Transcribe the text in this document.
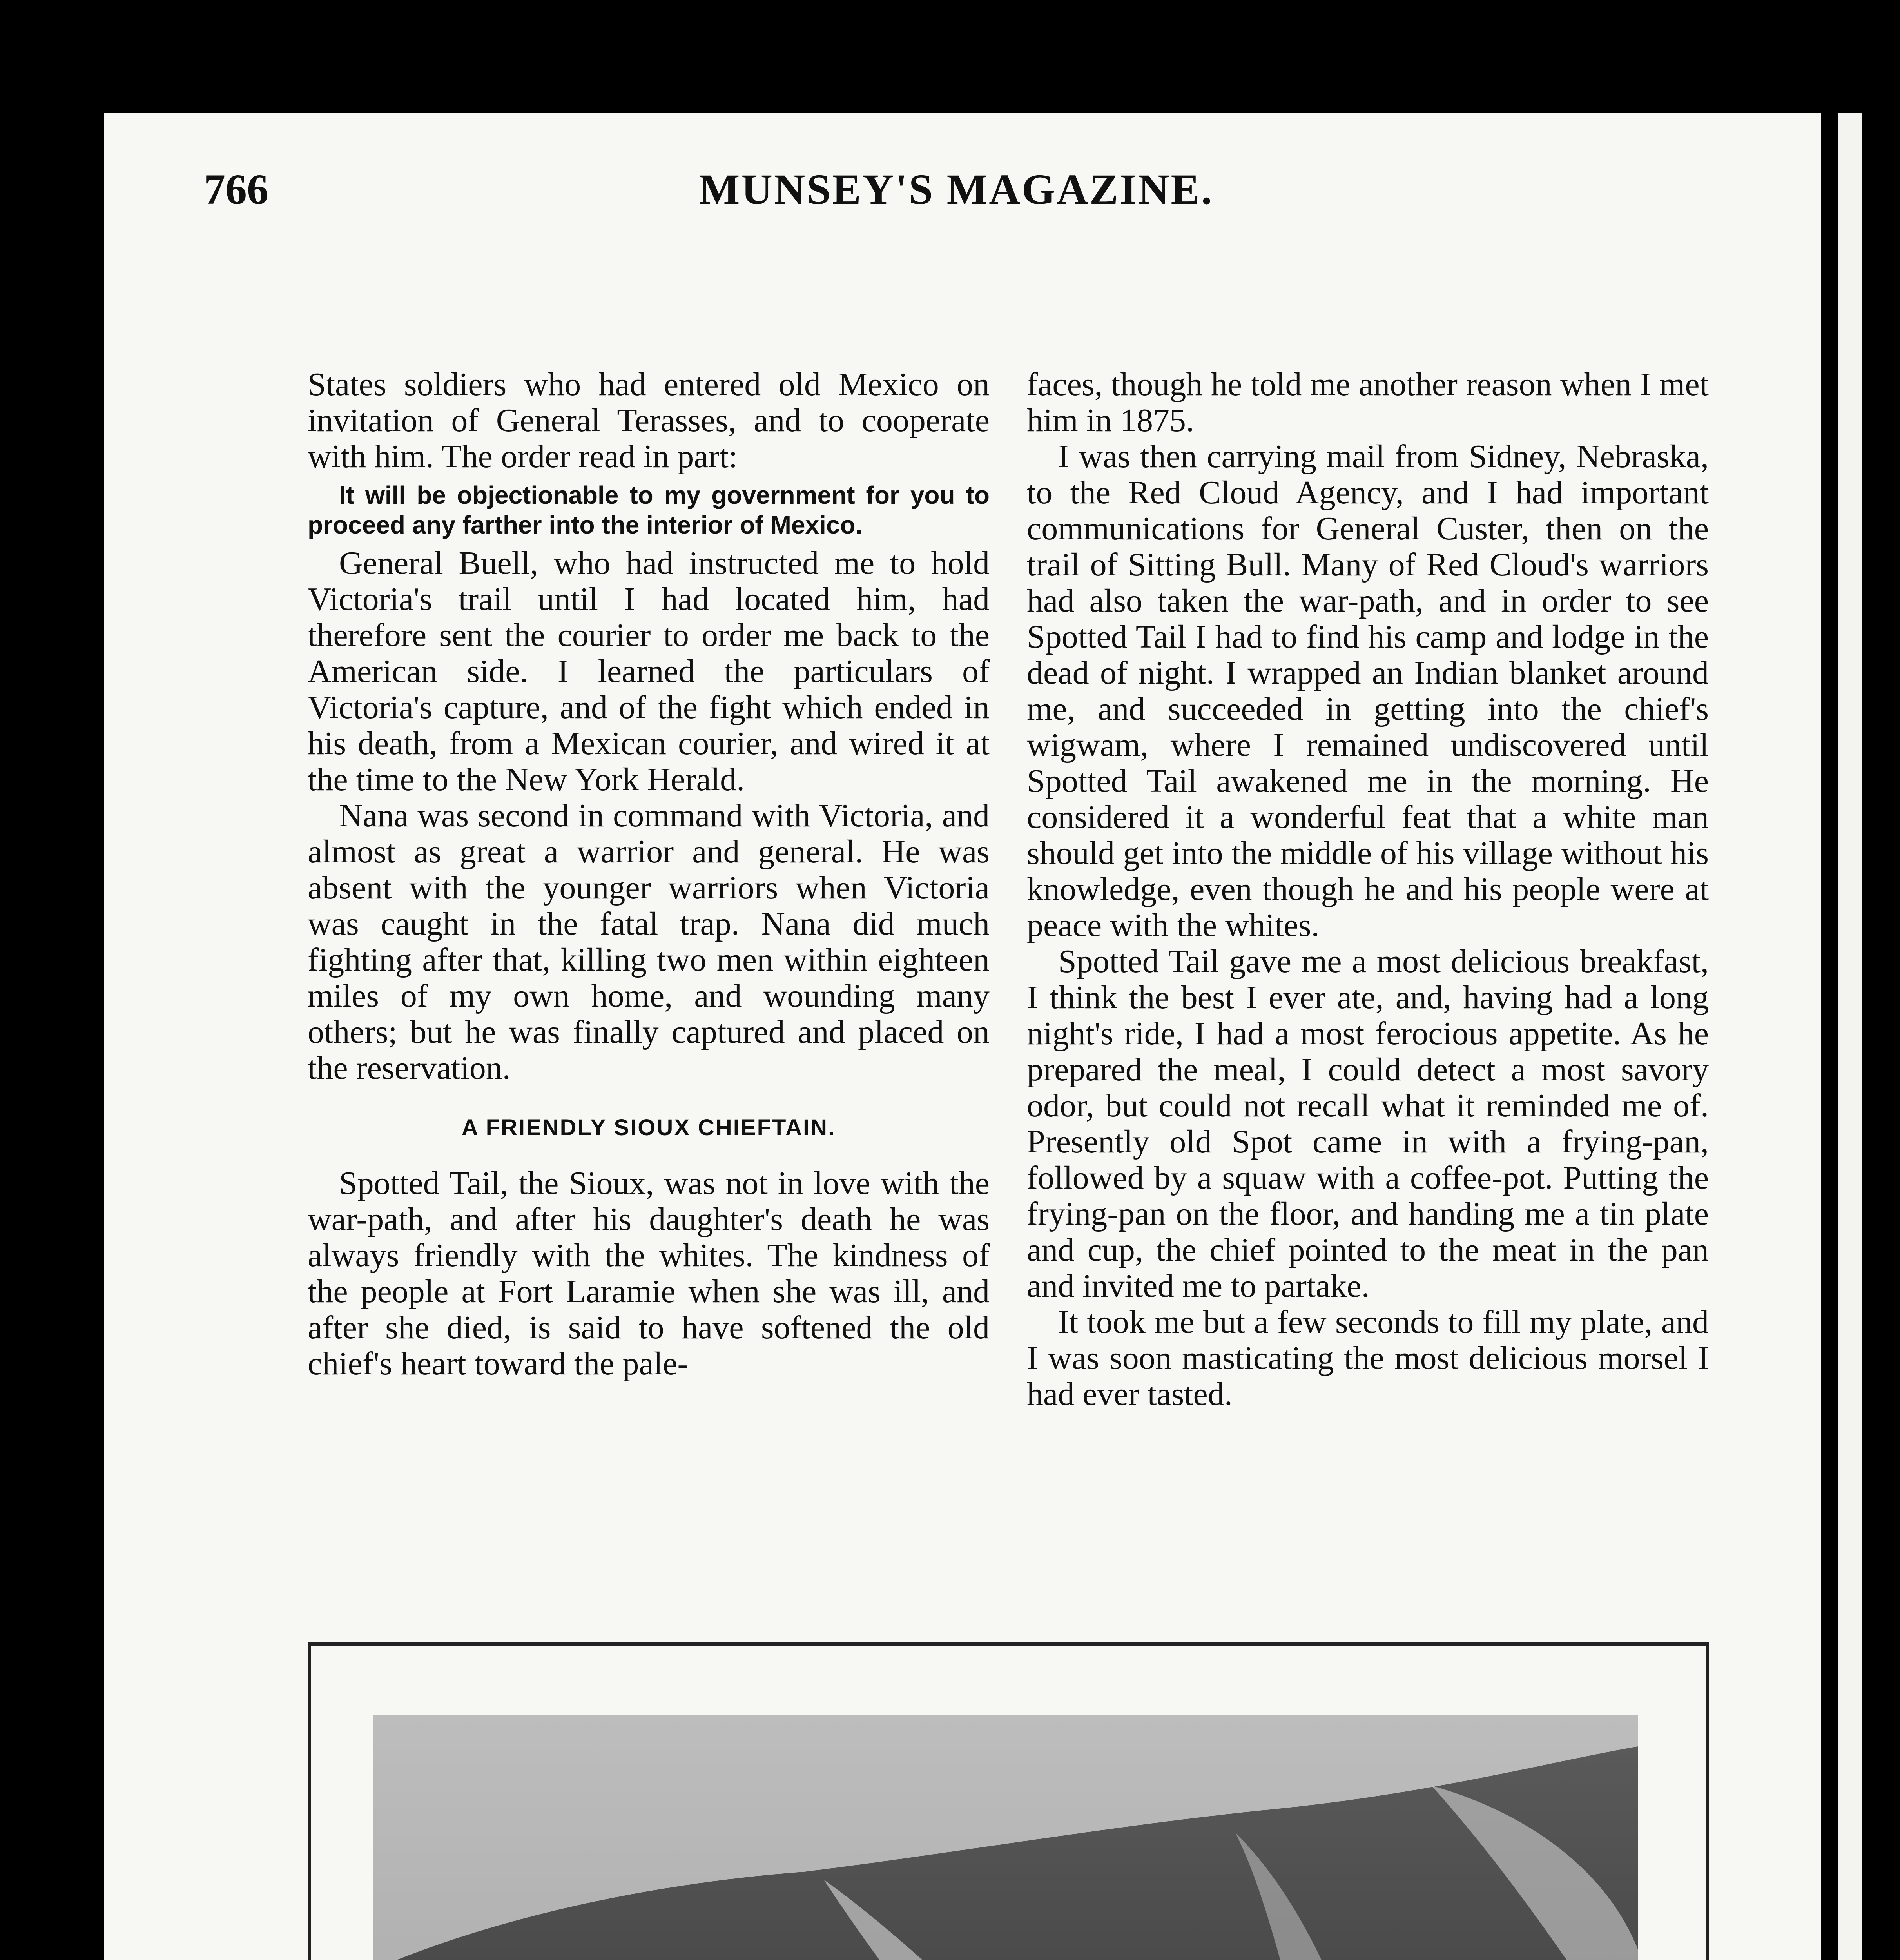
766	MUNSEY'S MAGAZINE.

States soldiers who had entered old Mexico on invitation of General Terasses, and to cooperate with him. The order read in part:

It will be objectionable to my government for you to proceed any farther into the interior of Mexico.

General Buell, who had instructed me to hold Victoria's trail until I had located him, had therefore sent the courier to order me back to the American side. I learned the particulars of Victoria's capture, and of the fight which ended in his death, from a Mexican courier, and wired it at the time to the New York Herald.

Nana was second in command with Victoria, and almost as great a warrior and general. He was absent with the younger warriors when Victoria was caught in the fatal trap. Nana did much fighting after that, killing two men within eighteen miles of my own home, and wounding many others; but he was finally captured and placed on the reservation.

A FRIENDLY SIOUX CHIEFTAIN.

Spotted Tail, the Sioux, was not in love with the war-path, and after his daughter's death he was always friendly with the whites. The kindness of the people at Fort Laramie when she was ill, and after she died, is said to have softened the old chief's heart toward the pale-

faces, though he told me another reason when I met him in 1875.

I was then carrying mail from Sidney, Nebraska, to the Red Cloud Agency, and I had important communications for General Custer, then on the trail of Sitting Bull. Many of Red Cloud's warriors had also taken the war-path, and in order to see Spotted Tail I had to find his camp and lodge in the dead of night. I wrapped an Indian blanket around me, and succeeded in getting into the chief's wigwam, where I remained undiscovered until Spotted Tail awakened me in the morning. He considered it a wonderful feat that a white man should get into the middle of his village without his knowledge, even though he and his people were at peace with the whites.

Spotted Tail gave me a most delicious breakfast, I think the best I ever ate, and, having had a long night's ride, I had a most ferocious appetite. As he prepared the meal, I could detect a most savory odor, but could not recall what it reminded me of. Presently old Spot came in with a frying-pan, followed by a squaw with a coffee-pot. Putting the frying-pan on the floor, and handing me a tin plate and cup, the chief pointed to the meat in the pan and invited me to partake.

It took me but a few seconds to fill my plate, and I was soon masticating the most delicious morsel I had ever tasted.
